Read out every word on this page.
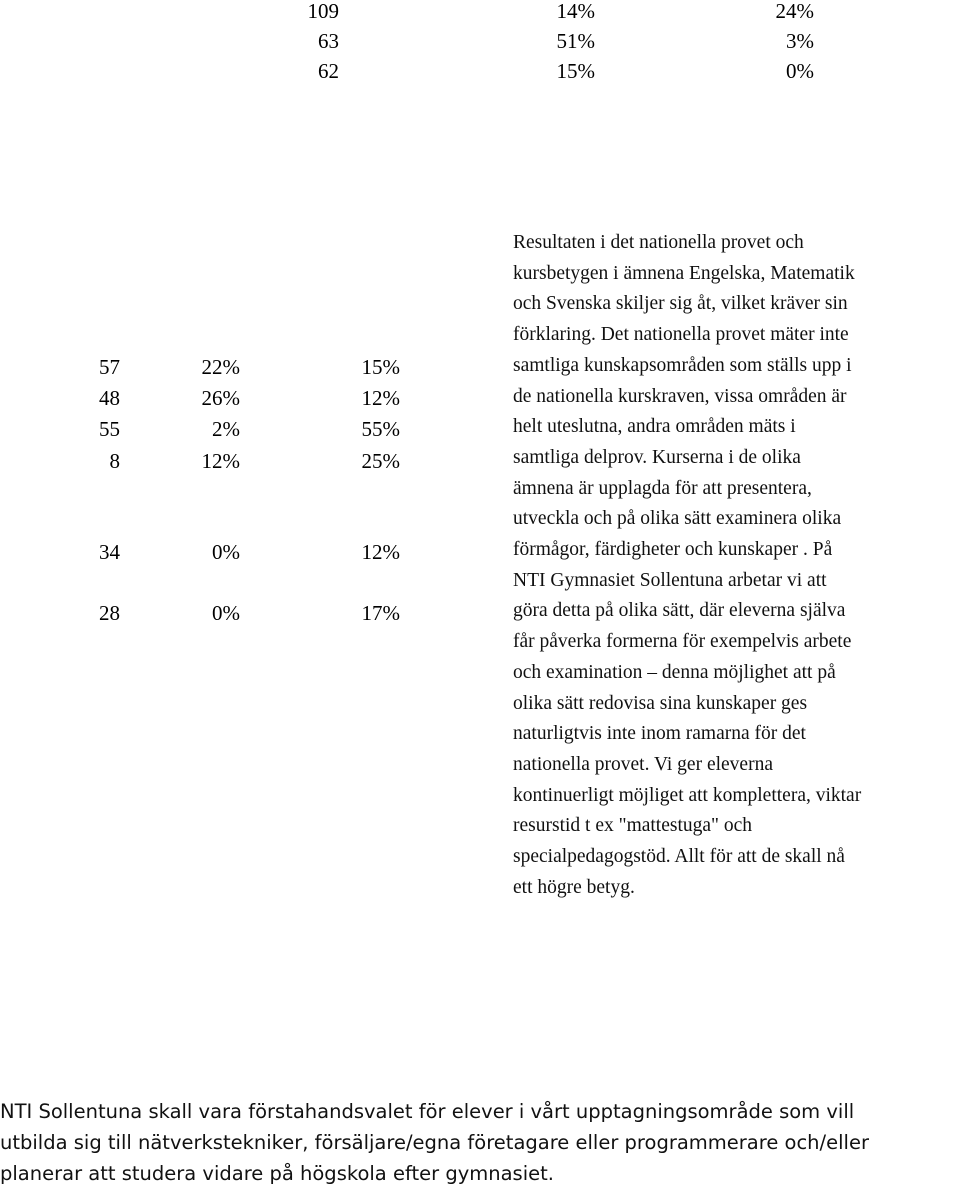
109	14%	24%
63	51%	3%
62	15%	0%
57	22%	15%
48	26%	12%
55	2%	55%
8	12%	25%
34	0%	12%
28	0%	17%
Resultaten i det nationella provet och
kursbetygen i ämnena Engelska, Matematik
och Svenska skiljer sig åt, vilket kräver sin
förklaring. Det nationella provet mäter inte
samtliga kunskapsområden som ställs upp i
de nationella kurskraven, vissa områden är
helt uteslutna, andra områden mäts i
samtliga delprov. Kurserna i de olika
ämnena är upplagda för att presentera,
utveckla och på olika sätt examinera olika
förmågor, färdigheter och kunskaper . På
NTI Gymnasiet Sollentuna arbetar vi att
göra detta på olika sätt, där eleverna själva
får påverka formerna för exempelvis arbete
och examination – denna möjlighet att på
olika sätt redovisa sina kunskaper ges
naturligtvis inte inom ramarna för det
nationella provet. Vi ger eleverna
kontinuerligt möjliget att komplettera, viktar
resurstid t ex "mattestuga" och
specialpedagogstöd. Allt för att de skall nå
ett högre betyg.
NTI Sollentuna skall vara förstahandsvalet för elever i vårt upptagningsområde som vill
utbilda sig till nätverkstekniker, försäljare/egna företagare eller programmerare och/eller
planerar att studera vidare på högskola efter gymnasiet.
